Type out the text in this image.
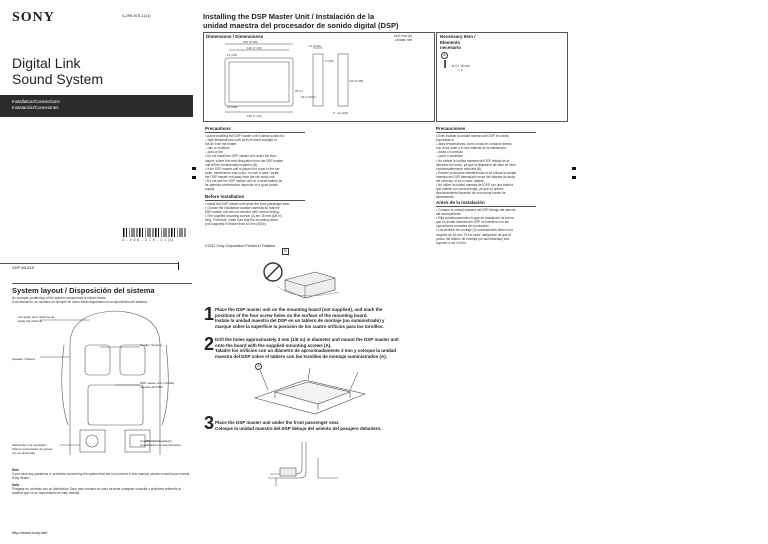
SONY	4-299-970-11(1)
Digital Link
Sound System
Installation/Connections
Instalación/Conexiones
4 - 2 9 9 - 9 7 0 - 1 1 (1)
©2011 Sony Corporation Printed in Thailand
XDP-MU110
Installing the DSP Master Unit / Instalación de la
unidad maestra del procesador de sonido digital (DSP)
Dimensions / Dimensiones	Unit: mm (in)
Unidad: mm
210 (8 3/8)
190 (7 1/2)	11 (7/16)
12 (1/2)
15 (5/8)
25 (1)
33 (1 5/16)
3 (1/8)
110 (4 3/8)
190 (7 1/2)
3 - ø3 (1/8)
Necessary Item /
Elemento
necesario
A
ø 4 × 16 mm
× 4
Precautions
• Avoid installing the DSP master unit in areas subject to:
– high temperatures such as from direct sunlight or
hot air from the heater
– rain or moisture
– dust or dirt
• Do not install the DSP master unit under the floor
carpet, where the heat dissipation from the DSP master
unit will be considerably impaired (B).
• If the DSP master unit is placed too close to the car
radio, interference may occur. In such a case, locate
the DSP master unit away from the car audio unit.
• Do not use the DSP master unit on a weak battery as
its optimum performance depends on a good power
supply.
Before Installation
• Install the DSP master unit under the front passenger seat.
• Choose the installation location carefully so that the
DSP master unit will not interfere with normal driving.
• The supplied mounting screws (3) are 16 mm (5/8 in)
long. Therefore, make sure that the mounting board
(not supplied) is thicker than 16 mm (5/8 in).
Precauciones
• Evite instalar la unidad maestra del DSP en zonas
expuestas a:
– altas temperaturas, como zonas en contacto directo
con la luz solar o el aire caliente de la calefacción.
– lluvia o humedad
– polvo o suciedad
• No instale la unidad maestra del DSP debajo de la
alfombra del suelo, ya que la disipación de calor se verá
considerablemente reducida (B).
• Pueden producirse interferencias si se coloca la unidad
maestra del DSP demasiado cerca del sistema de audio
del vehículo; si es el caso, aléjela.
• No utilice la unidad maestra del DSP con una batería
que cuente con poca energía, ya que su óptimo
funcionamiento depende de una buena fuente de
alimentación.
Antes de la instalación
• Coloque la unidad maestra del DSP debajo del asiento
del acompañante.
• Elija cuidadosamente el lugar de instalación de forma
que la unidad maestra del DSP no interfiera con las
operaciones normales de conducción.
• Los tornillos de montaje (3) suministrados tienen una
longitud de 16 mm. Por lo tanto, asegúrese de que el
grosor del tablero de montaje (no suministrado) sea
superior a los 16 mm.
B
System layout / Disposición del sistema
An example positioning of the system components is shown below.
A continuación, se muestra un ejemplo de cómo están dispuestos los componentes del sistema.
Car audio unit / Sistema de audio del vehículo
Cradle / Soporte
Speaker / Altavoz
DSP master unit / Unidad maestra del DSP
Subwoofer (not supplied) / Altavoz potenciador de graves (no suministrado)
Amplifier (not supplied) / Amplificador (no suministrado)
Note
If you have any questions or problems concerning the system that are not covered in this manual, please consult your nearest Sony dealer.
Nota
Póngase en contacto con su distribuidor Sony más cercano en caso de tener cualquier consulta o problema referente al sistema que no se haya tratado en este manual.
http://www.sony.net/
1 Place the DSP master unit on the mounting board (not supplied), and mark the
positions of the four screw holes on the surface of the mounting board.
Instale la unidad maestra del DSP en un tablero de montaje (no suministrado) y
marque sobre la superficie la posición de los cuatro orificios para los tornillos.
2 Drill the holes approximately 3 mm (1/8 in) in diameter and mount the DSP master unit
onto the board with the supplied mounting screws (A).
Taladre los orificios con un diámetro de aproximadamente 3 mm y coloque la unidad
maestra del DSP sobre el tablero con los tornillos de montaje suministrados (A).
A
3 Place the DSP master unit under the front passenger seat.
Coloque la unidad maestra del DSP debajo del asiento del pasajero delantero.
